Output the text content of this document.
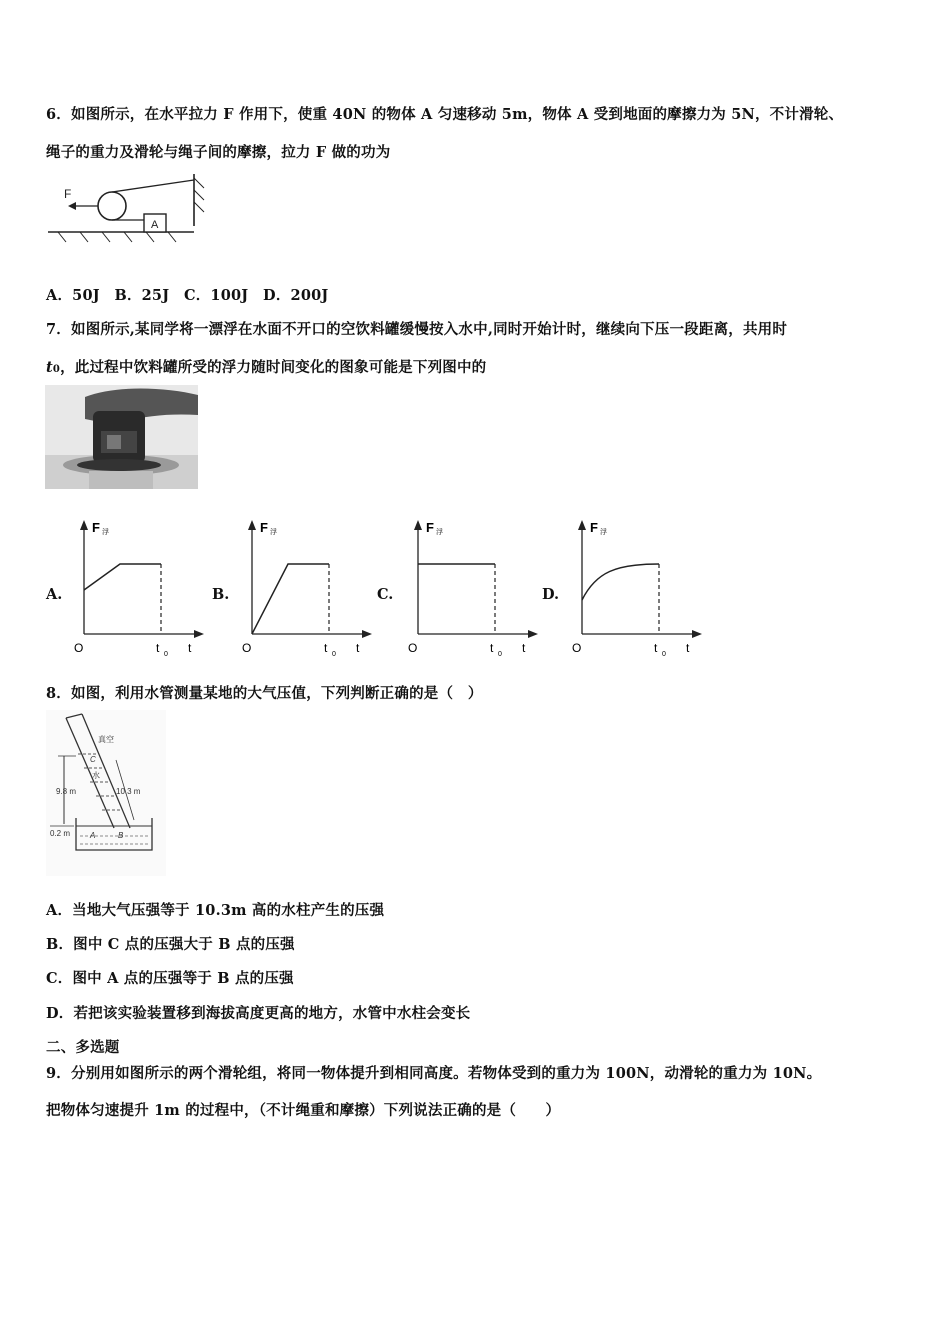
6．如图所示，在水平拉力 F 作用下，使重 40N 的物体 A 匀速移动 5m，物体 A 受到地面的摩擦力为 5N，不计滑轮、
绳子的重力及滑轮与绳子间的摩擦，拉力 F 做的功为
A
F
A．50J　B．25J　C．100J　D．200J
7．如图所示,某同学将一漂浮在水面不开口的空饮料罐缓慢按入水中,同时开始计时，继续向下压一段距离，共用时
t0，此过程中饮料罐所受的浮力随时间变化的图象可能是下列图中的
A.	B.	C.	D.
F 浮
O	t 0 t
F 浮
O	t 0 t
F 浮
O	t 0 t
F 浮
O	t 0 t
8．如图，利用水管测量某地的大气压值，下列判断正确的是（　）
真空
C
水
9.8 m	10.3 m
A	B
0.2 m
A．当地大气压强等于 10.3m 高的水柱产生的压强
B．图中 C 点的压强大于 B 点的压强
C．图中 A 点的压强等于 B 点的压强
D．若把该实验装置移到海拔高度更高的地方，水管中水柱会变长
二、多选题
9．分别用如图所示的两个滑轮组，将同一物体提升到相同高度。若物体受到的重力为 100N，动滑轮的重力为 10N。
把物体匀速提升 1m 的过程中，（不计绳重和摩擦）下列说法正确的是（　　）
